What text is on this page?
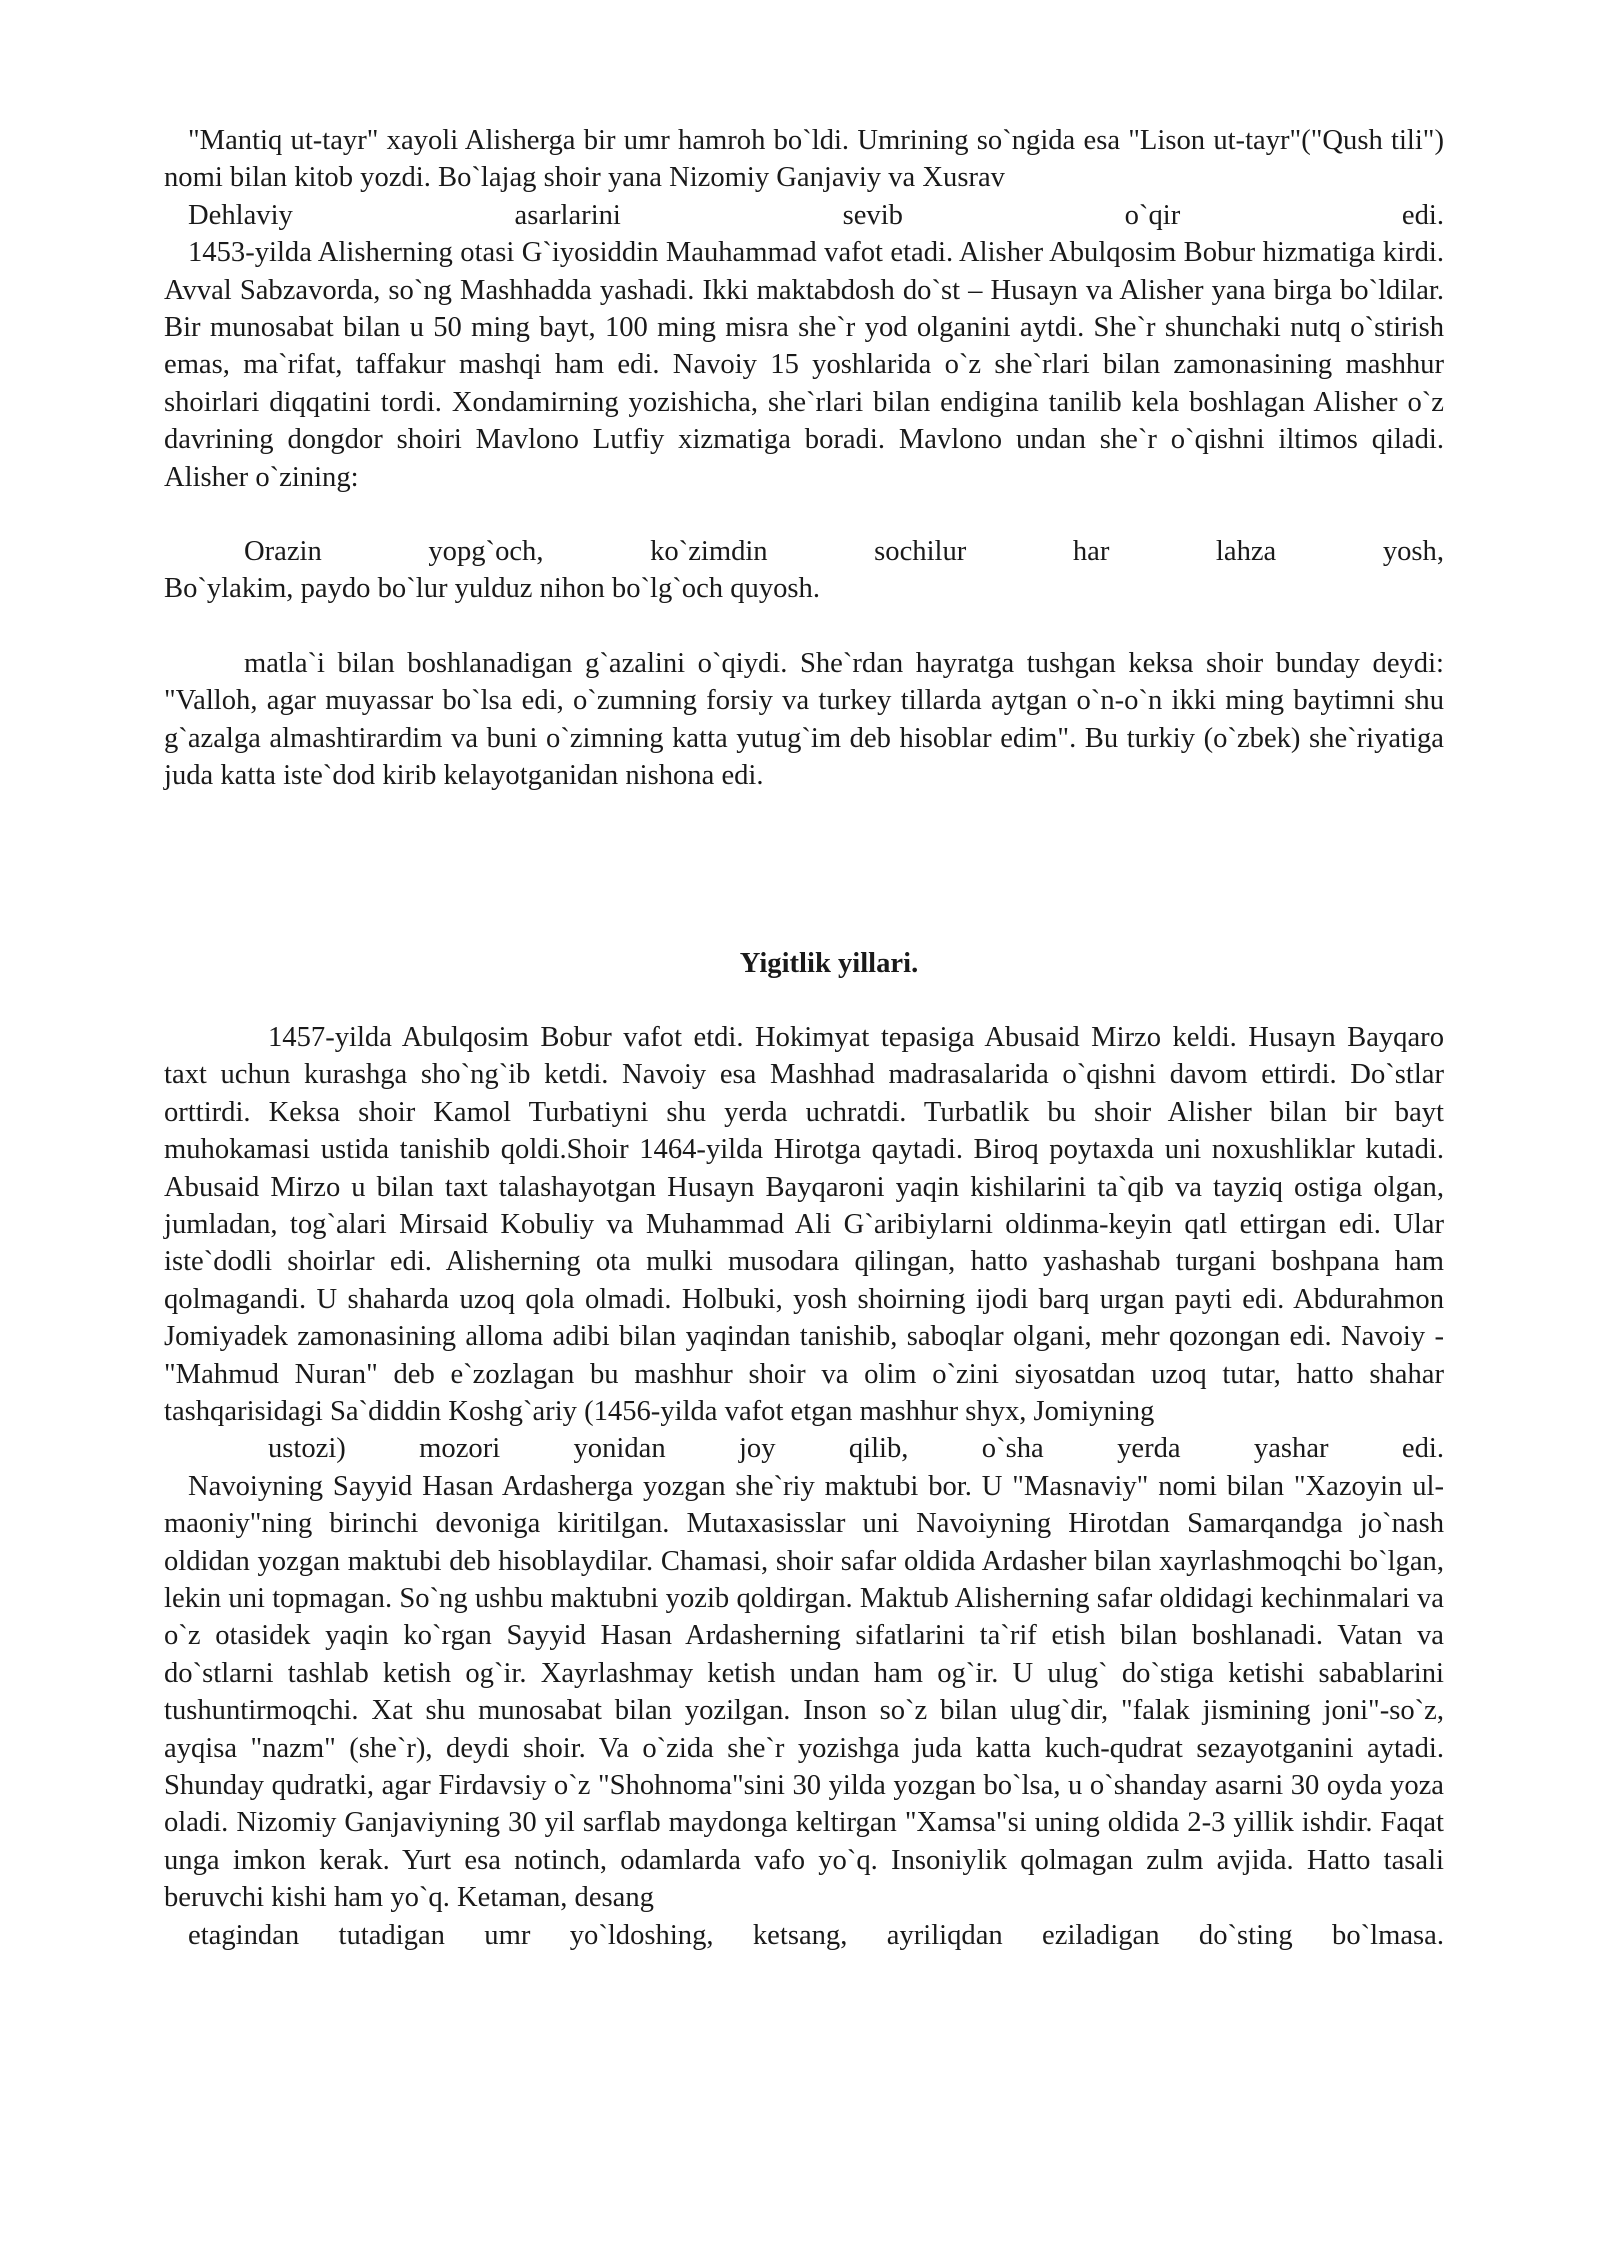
"Mantiq ut-tayr" xayoli Alisherga bir umr hamroh bo`ldi. Umrining so`ngida esa "Lison ut-tayr"("Qush tili") nomi bilan kitob yozdi. Bo`lajag shoir yana Nizomiy Ganjaviy va Xusrav
Dehlaviy asarlarini sevib o`qir edi.
1453-yilda Alisherning otasi G`iyosiddin Mauhammad vafot etadi. Alisher Abulqosim Bobur hizmatiga kirdi. Avval Sabzavorda, so`ng Mashhadda yashadi. Ikki maktabdosh do`st – Husayn va Alisher yana birga bo`ldilar. Bir munosabat bilan u 50 ming bayt, 100 ming misra she`r yod olganini aytdi. She`r shunchaki nutq o`stirish emas, ma`rifat, taffakur mashqi ham edi. Navoiy 15 yoshlarida o`z she`rlari bilan zamonasining mashhur shoirlari diqqatini tordi. Xondamirning yozishicha, she`rlari bilan endigina tanilib kela boshlagan Alisher o`z davrining dongdor shoiri Mavlono Lutfiy xizmatiga boradi. Mavlono undan she`r o`qishni iltimos qiladi. Alisher o`zining:

Orazin yopg`och, ko`zimdin sochilur har lahza yosh,

Bo`ylakim, paydo bo`lur yulduz nihon bo`lg`och quyosh.

matla`i bilan boshlanadigan g`azalini o`qiydi. She`rdan hayratga tushgan keksa shoir bunday deydi: "Valloh, agar muyassar bo`lsa edi, o`zumning forsiy va turkey tillarda aytgan o`n-o`n ikki ming baytimni shu g`azalga almashtirardim va buni o`zimning katta yutug`im deb hisoblar edim". Bu turkiy (o`zbek) she`riyatiga juda katta iste`dod kirib kelayotganidan nishona edi.

Yigitlik yillari.

1457-yilda Abulqosim Bobur vafot etdi. Hokimyat tepasiga Abusaid Mirzo keldi. Husayn Bayqaro taxt uchun kurashga sho`ng`ib ketdi. Navoiy esa Mashhad madrasalarida o`qishni davom ettirdi. Do`stlar orttirdi. Keksa shoir Kamol Turbatiyni shu yerda uchratdi. Turbatlik bu shoir Alisher bilan bir bayt muhokamasi ustida tanishib qoldi.Shoir 1464-yilda Hirotga qaytadi. Biroq poytaxda uni noxushliklar kutadi. Abusaid Mirzo u bilan taxt talashayotgan Husayn Bayqaroni yaqin kishilarini ta`qib va tayziq ostiga olgan, jumladan, tog`alari Mirsaid Kobuliy va Muhammad Ali G`aribiylarni oldinma-keyin qatl ettirgan edi. Ular iste`dodli shoirlar edi. Alisherning ota mulki musodara qilingan, hatto yashashab turgani boshpana ham qolmagandi. U shaharda uzoq qola olmadi. Holbuki, yosh shoirning ijodi barq urgan payti edi. Abdurahmon Jomiyadek zamonasining alloma adibi bilan yaqindan tanishib, saboqlar olgani, mehr qozongan edi. Navoiy - "Mahmud Nuran" deb e`zozlagan bu mashhur shoir va olim o`zini siyosatdan uzoq tutar, hatto shahar tashqarisidagi Sa`diddin Koshg`ariy (1456-yilda vafot etgan mashhur shyx, Jomiyning
ustozi) mozori yonidan joy qilib, o`sha yerda yashar edi.

Navoiyning Sayyid Hasan Ardasherga yozgan she`riy maktubi bor. U "Masnaviy" nomi bilan "Xazoyin ul-maoniy"ning birinchi devoniga kiritilgan. Mutaxasisslar uni Navoiyning Hirotdan Samarqandga jo`nash oldidan yozgan maktubi deb hisoblaydilar. Chamasi, shoir safar oldida Ardasher bilan xayrlashmoqchi bo`lgan, lekin uni topmagan. So`ng ushbu maktubni yozib qoldirgan. Maktub Alisherning safar oldidagi kechinmalari va o`z otasidek yaqin ko`rgan Sayyid Hasan Ardasherning sifatlarini ta`rif etish bilan boshlanadi. Vatan va do`stlarni tashlab ketish og`ir. Xayrlashmay ketish undan ham og`ir. U ulug` do`stiga ketishi sabablarini tushuntirmoqchi. Xat shu munosabat bilan yozilgan. Inson so`z bilan ulug`dir, "falak jismining joni"-so`z, ayqisa "nazm" (she`r), deydi shoir. Va o`zida she`r yozishga juda katta kuch-qudrat sezayotganini aytadi. Shunday qudratki, agar Firdavsiy o`z "Shohnoma"sini 30 yilda yozgan bo`lsa, u o`shanday asarni 30 oyda yoza oladi. Nizomiy Ganjaviyning 30 yil sarflab maydonga keltirgan "Xamsa"si uning oldida 2-3 yillik ishdir. Faqat unga imkon kerak. Yurt esa notinch, odamlarda vafo yo`q. Insoniylik qolmagan zulm avjida. Hatto tasali beruvchi kishi ham yo`q. Ketaman, desang
etagindan tutadigan umr yo`ldoshing, ketsang, ayriliqdan eziladigan do`sting bo`lmasa.
